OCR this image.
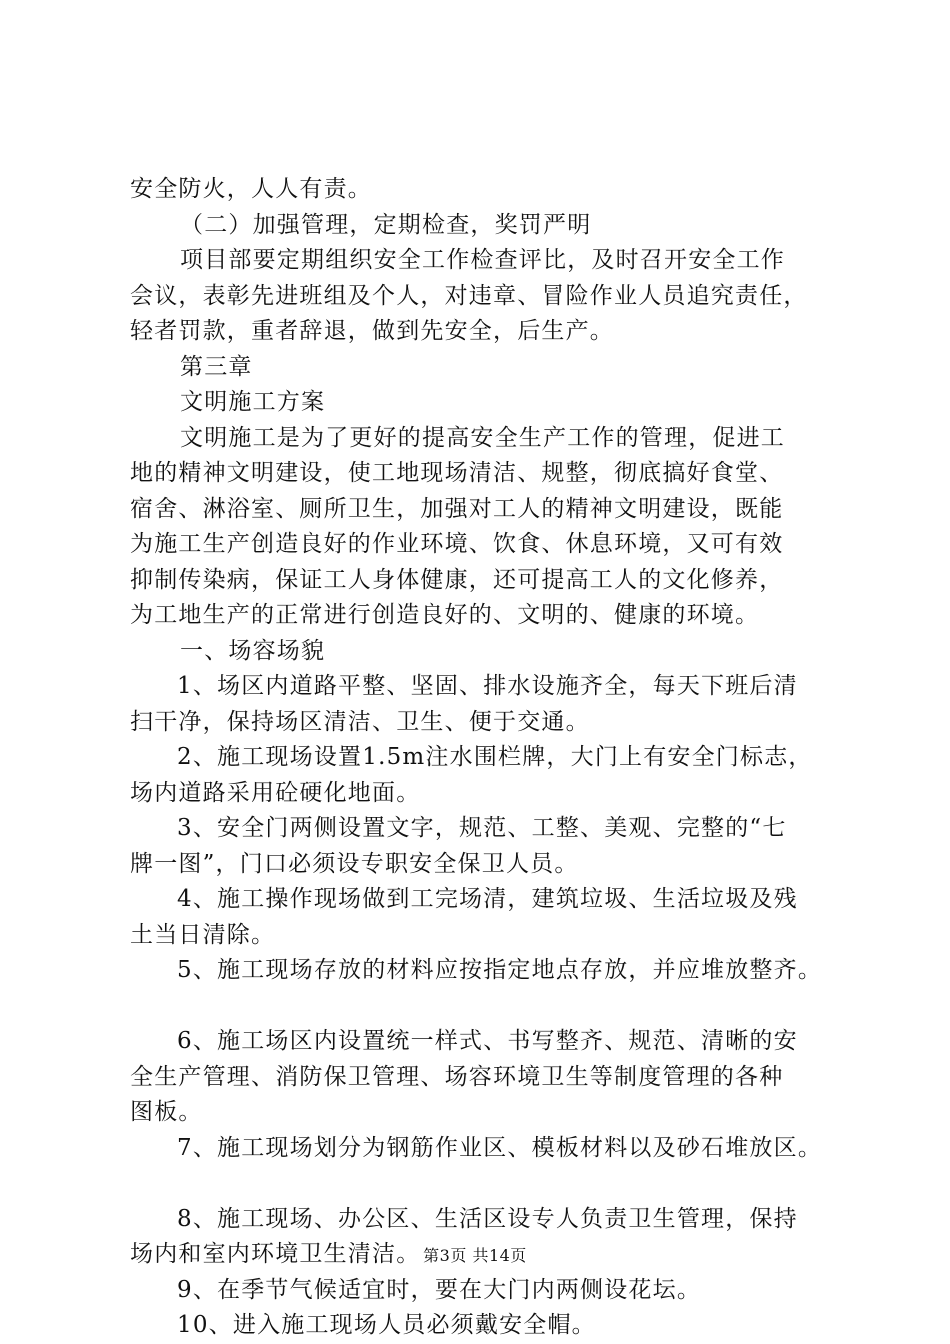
安全防火，人人有责。
（二）加强管理，定期检查，奖罚严明
项目部要定期组织安全工作检查评比，及时召开安全工作
会议，表彰先进班组及个人，对违章、冒险作业人员追究责任，
轻者罚款，重者辞退，做到先安全，后生产。
第三章
文明施工方案
文明施工是为了更好的提高安全生产工作的管理，促进工
地的精神文明建设，使工地现场清洁、规整，彻底搞好食堂、
宿舍、淋浴室、厕所卫生，加强对工人的精神文明建设，既能
为施工生产创造良好的作业环境、饮食、休息环境，又可有效
抑制传染病，保证工人身体健康，还可提高工人的文化修养，
为工地生产的正常进行创造良好的、文明的、健康的环境。
一、场容场貌
1、场区内道路平整、坚固、排水设施齐全，每天下班后清
扫干净，保持场区清洁、卫生、便于交通。
2、施工现场设置1.5m注水围栏牌，大门上有安全门标志，
场内道路采用砼硬化地面。
3、安全门两侧设置文字，规范、工整、美观、完整的“七
牌一图”，门口必须设专职安全保卫人员。
4、施工操作现场做到工完场清，建筑垃圾、生活垃圾及残
土当日清除。
5、施工现场存放的材料应按指定地点存放，并应堆放整齐。
6、施工场区内设置统一样式、书写整齐、规范、清晰的安
全生产管理、消防保卫管理、场容环境卫生等制度管理的各种
图板。
7、施工现场划分为钢筋作业区、模板材料以及砂石堆放区。
8、施工现场、办公区、生活区设专人负责卫生管理，保持
场内和室内环境卫生清洁。
9、在季节气候适宜时，要在大门内两侧设花坛。
10、进入施工现场人员必须戴安全帽。
第3页 共14页
